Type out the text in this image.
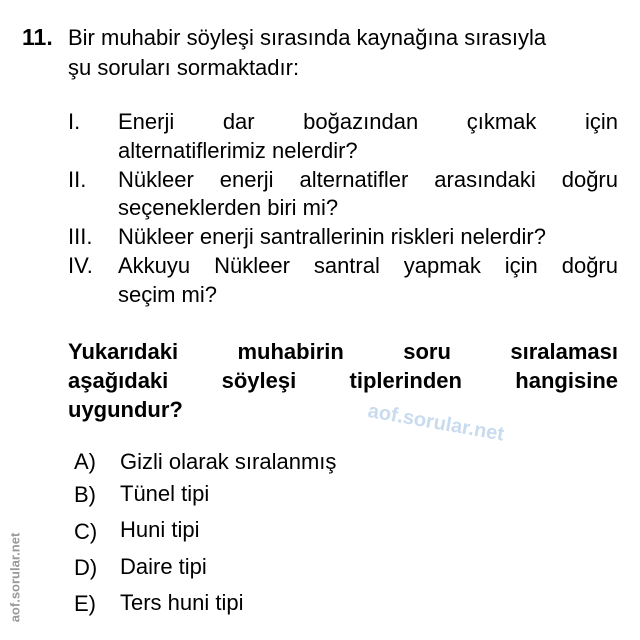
11. Bir muhabir söyleşi sırasında kaynağına sırasıyla
şu soruları sormaktadır:
I. Enerji dar boğazından çıkmak için
alternatiflerimiz nelerdir?
II. Nükleer enerji alternatifler arasındaki doğru
seçeneklerden biri mi?
III. Nükleer enerji santrallerinin riskleri nelerdir?
IV. Akkuyu Nükleer santral yapmak için doğru
seçim mi?
Yukarıdaki muhabirin soru sıralaması
aşağıdaki söyleşi tiplerinden hangisine
uygundur?	aof.sorular.net
A) Gizli olarak sıralanmış
B) Tünel tipi
C) Huni tipi
D) Daire tipi
E) Ters huni tipi
aof.sorular.net
